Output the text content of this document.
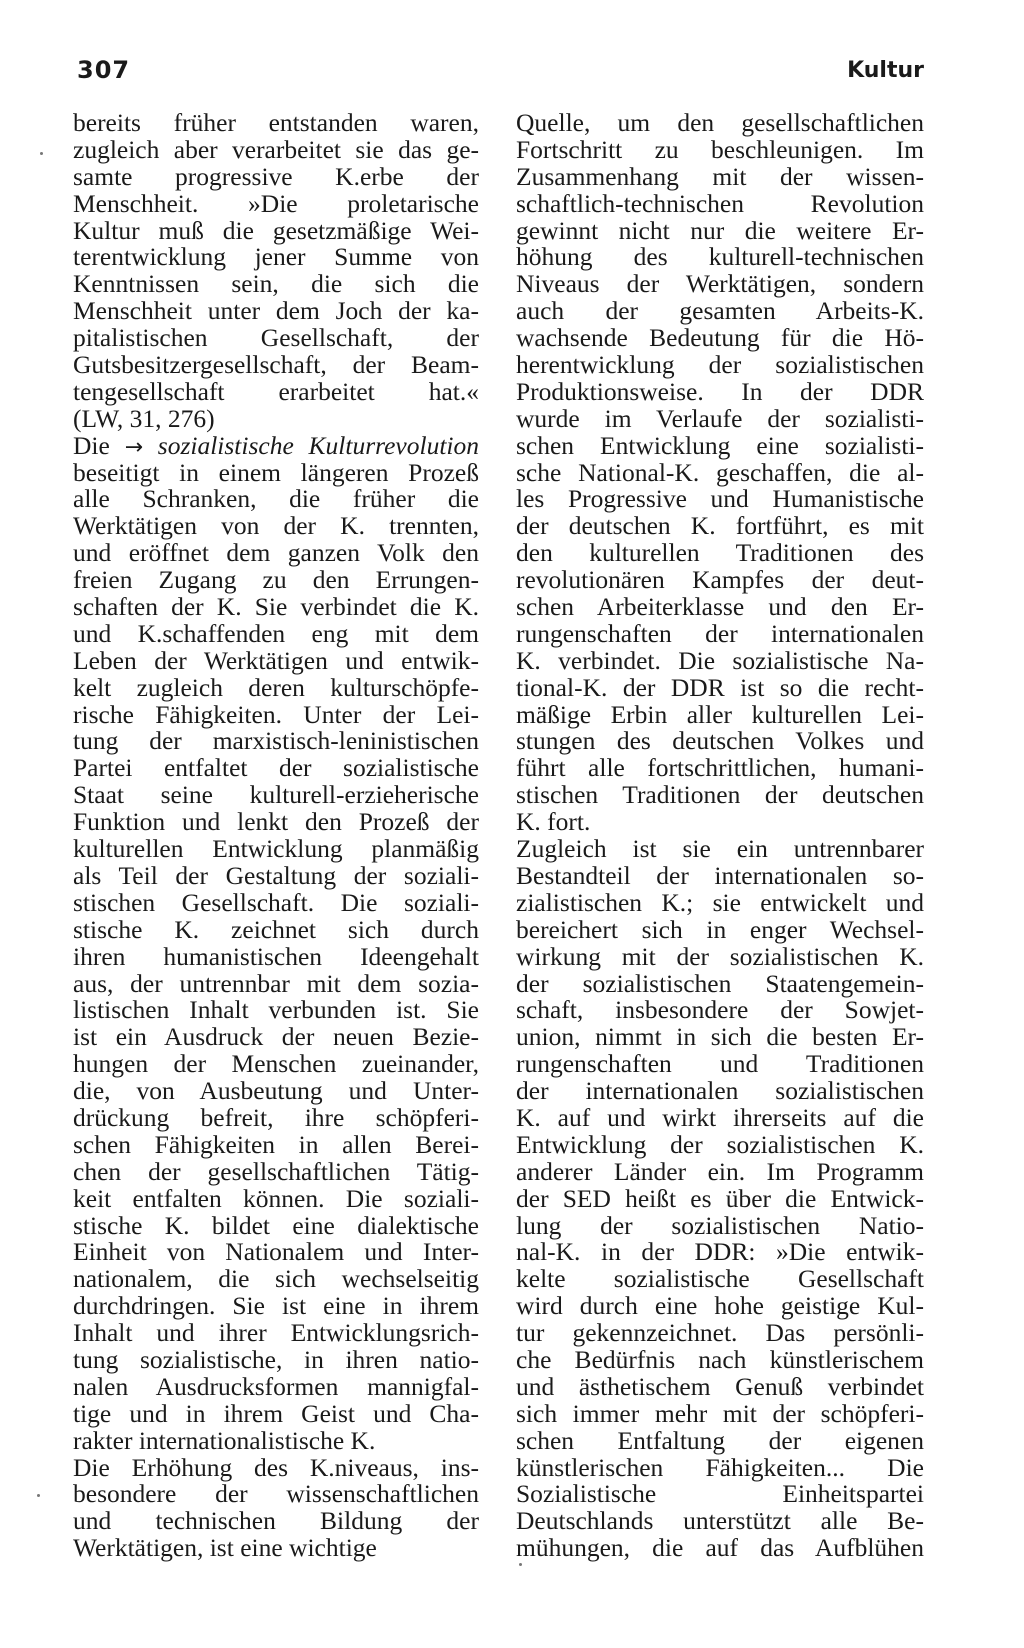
307	Kultur
bereits früher entstanden waren,
zugleich aber verarbeitet sie das ge-
samte progressive K.erbe der
Menschheit. »Die proletarische
Kultur muß die gesetzmäßige Wei-
terentwicklung jener Summe von
Kenntnissen sein, die sich die
Menschheit unter dem Joch der ka-
pitalistischen Gesellschaft, der
Gutsbesitzergesellschaft, der Beam-
tengesellschaft erarbeitet hat.«
(LW, 31, 276)
Die → sozialistische Kulturrevolution
beseitigt in einem längeren Prozeß
alle Schranken, die früher die
Werktätigen von der K. trennten,
und eröffnet dem ganzen Volk den
freien Zugang zu den Errungen-
schaften der K. Sie verbindet die K.
und K.schaffenden eng mit dem
Leben der Werktätigen und entwik-
kelt zugleich deren kulturschöpfe-
rische Fähigkeiten. Unter der Lei-
tung der marxistisch-leninistischen
Partei entfaltet der sozialistische
Staat seine kulturell-erzieherische
Funktion und lenkt den Prozeß der
kulturellen Entwicklung planmäßig
als Teil der Gestaltung der soziali-
stischen Gesellschaft. Die soziali-
stische K. zeichnet sich durch
ihren humanistischen Ideengehalt
aus, der untrennbar mit dem sozia-
listischen Inhalt verbunden ist. Sie
ist ein Ausdruck der neuen Bezie-
hungen der Menschen zueinander,
die, von Ausbeutung und Unter-
drückung befreit, ihre schöpferi-
schen Fähigkeiten in allen Berei-
chen der gesellschaftlichen Tätig-
keit entfalten können. Die soziali-
stische K. bildet eine dialektische
Einheit von Nationalem und Inter-
nationalem, die sich wechselseitig
durchdringen. Sie ist eine in ihrem
Inhalt und ihrer Entwicklungsrich-
tung sozialistische, in ihren natio-
nalen Ausdrucksformen mannigfal-
tige und in ihrem Geist und Cha-
rakter internationalistische K.
Die Erhöhung des K.niveaus, ins-
besondere der wissenschaftlichen
und technischen Bildung der
Werktätigen, ist eine wichtige
Quelle, um den gesellschaftlichen
Fortschritt zu beschleunigen. Im
Zusammenhang mit der wissen-
schaftlich-technischen Revolution
gewinnt nicht nur die weitere Er-
höhung des kulturell-technischen
Niveaus der Werktätigen, sondern
auch der gesamten Arbeits-K.
wachsende Bedeutung für die Hö-
herentwicklung der sozialistischen
Produktionsweise. In der DDR
wurde im Verlaufe der sozialisti-
schen Entwicklung eine sozialisti-
sche National-K. geschaffen, die al-
les Progressive und Humanistische
der deutschen K. fortführt, es mit
den kulturellen Traditionen des
revolutionären Kampfes der deut-
schen Arbeiterklasse und den Er-
rungenschaften der internationalen
K. verbindet. Die sozialistische Na-
tional-K. der DDR ist so die recht-
mäßige Erbin aller kulturellen Lei-
stungen des deutschen Volkes und
führt alle fortschrittlichen, humani-
stischen Traditionen der deutschen
K. fort.
Zugleich ist sie ein untrennbarer
Bestandteil der internationalen so-
zialistischen K.; sie entwickelt und
bereichert sich in enger Wechsel-
wirkung mit der sozialistischen K.
der sozialistischen Staatengemein-
schaft, insbesondere der Sowjet-
union, nimmt in sich die besten Er-
rungenschaften und Traditionen
der internationalen sozialistischen
K. auf und wirkt ihrerseits auf die
Entwicklung der sozialistischen K.
anderer Länder ein. Im Programm
der SED heißt es über die Entwick-
lung der sozialistischen Natio-
nal-K. in der DDR: »Die entwik-
kelte sozialistische Gesellschaft
wird durch eine hohe geistige Kul-
tur gekennzeichnet. Das persönli-
che Bedürfnis nach künstlerischem
und ästhetischem Genuß verbindet
sich immer mehr mit der schöpferi-
schen Entfaltung der eigenen
künstlerischen Fähigkeiten... Die
Sozialistische Einheitspartei
Deutschlands unterstützt alle Be-
mühungen, die auf das Aufblühen
